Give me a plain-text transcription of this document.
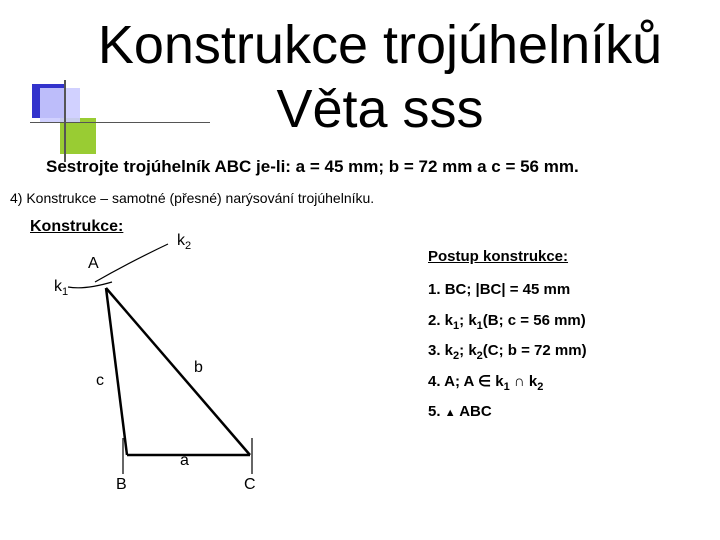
Konstrukce trojúhelníků
Věta sss
Sestrojte trojúhelník ABC je-li: a = 45 mm; b = 72 mm a c = 56 mm.
4) Konstrukce – samotné (přesné) narýsování trojúhelníku.
Konstrukce:
A
B	C
a
b
c
$k_1$
$k_2$
Postup konstrukce:
1. BC; |BC| = 45 mm
2. $k_1$; $k_1(B$; c = 56 mm)
3. $k_2$; $k_2(C$; b = 72 mm)
4. A; A ∈ $k_1$ ∩ $k_2$
5. ▲ ABC
